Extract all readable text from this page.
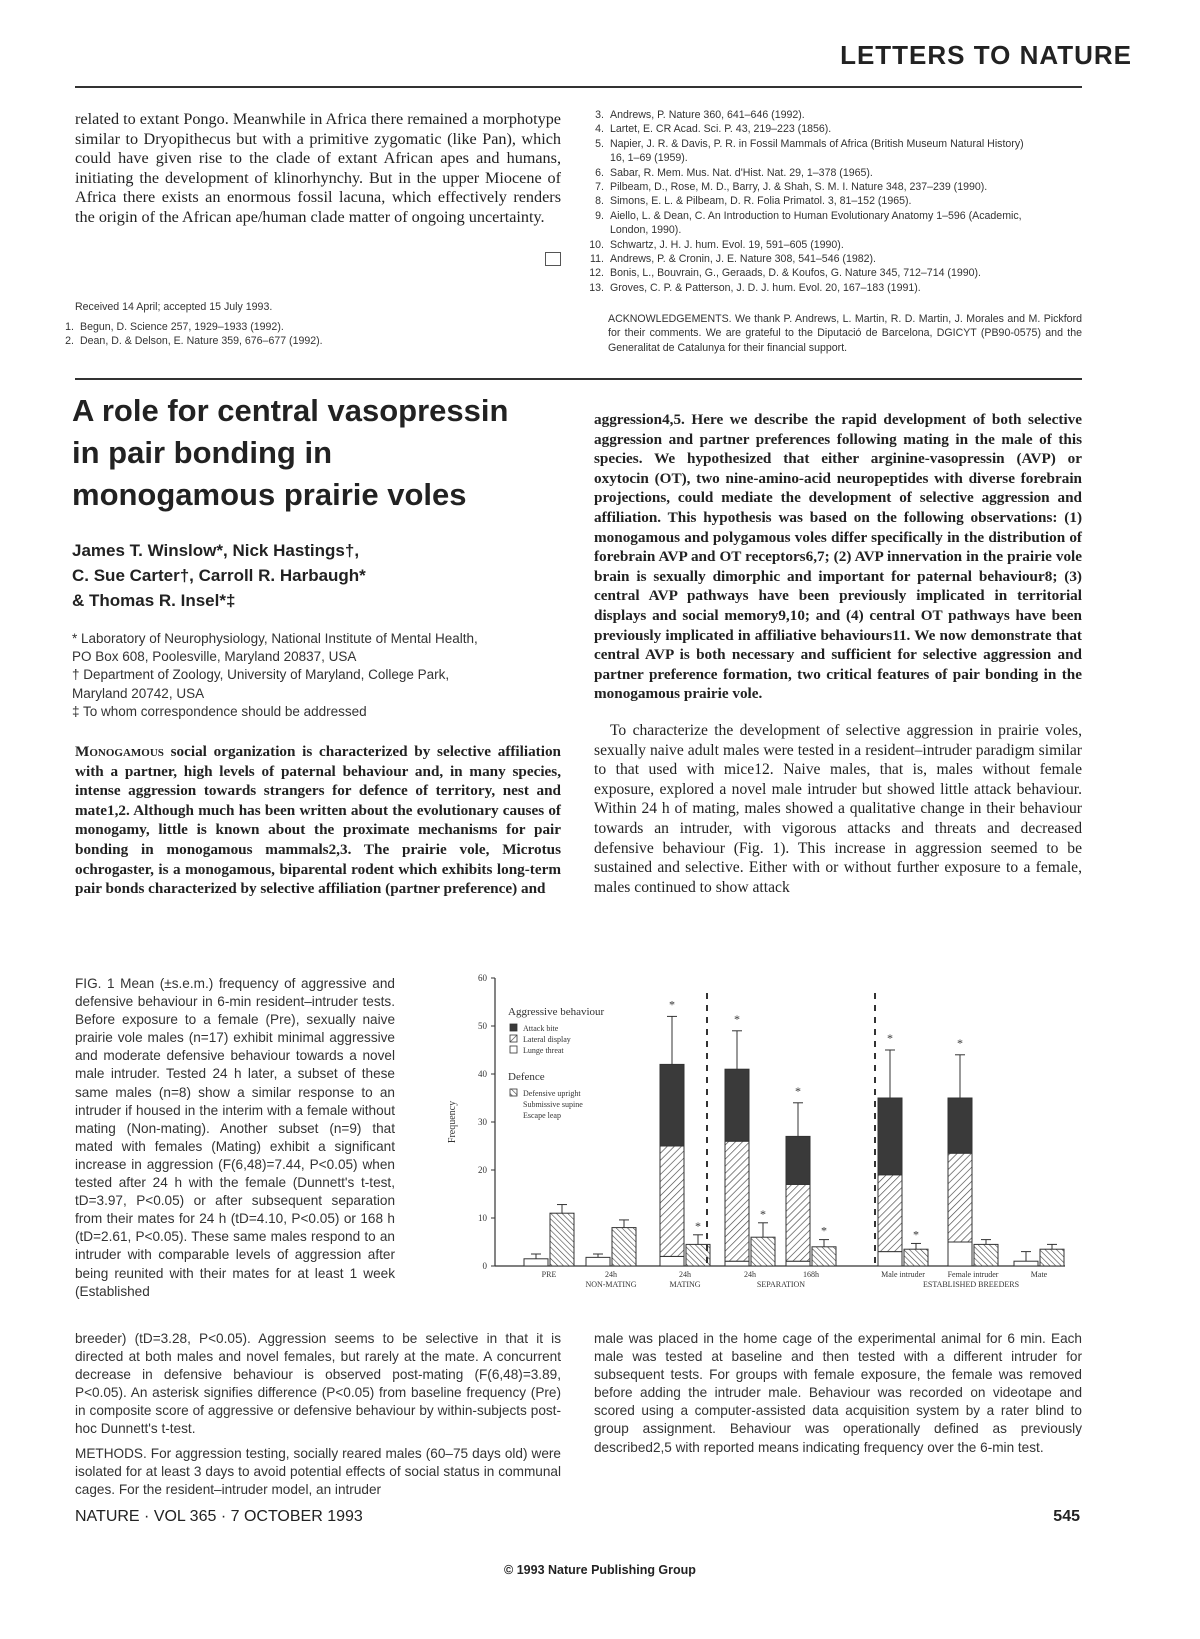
LETTERS TO NATURE
related to extant Pongo. Meanwhile in Africa there remained a morphotype similar to Dryopithecus but with a primitive zygomatic (like Pan), which could have given rise to the clade of extant African apes and humans, initiating the development of klinorhynchy. But in the upper Miocene of Africa there exists an enormous fossil lacuna, which effectively renders the origin of the African ape/human clade matter of ongoing uncertainty.
Received 14 April; accepted 15 July 1993.
1. Begun, D. Science 257, 1929–1933 (1992).
2. Dean, D. & Delson, E. Nature 359, 676–677 (1992).
3. Andrews, P. Nature 360, 641–646 (1992).
4. Lartet, E. CR Acad. Sci. P. 43, 219–223 (1856).
5. Napier, J. R. & Davis, P. R. in Fossil Mammals of Africa (British Museum Natural History)
16, 1–69 (1959).
6. Sabar, R. Mem. Mus. Nat. d'Hist. Nat. 29, 1–378 (1965).
7. Pilbeam, D., Rose, M. D., Barry, J. & Shah, S. M. I. Nature 348, 237–239 (1990).
8. Simons, E. L. & Pilbeam, D. R. Folia Primatol. 3, 81–152 (1965).
9. Aiello, L. & Dean, C. An Introduction to Human Evolutionary Anatomy 1–596 (Academic,
London, 1990).
10. Schwartz, J. H. J. hum. Evol. 19, 591–605 (1990).
11. Andrews, P. & Cronin, J. E. Nature 308, 541–546 (1982).
12. Bonis, L., Bouvrain, G., Geraads, D. & Koufos, G. Nature 345, 712–714 (1990).
13. Groves, C. P. & Patterson, J. D. J. hum. Evol. 20, 167–183 (1991).
ACKNOWLEDGEMENTS. We thank P. Andrews, L. Martin, R. D. Martin, J. Morales and M. Pickford for their comments. We are grateful to the Diputació de Barcelona, DGICYT (PB90-0575) and the Generalitat de Catalunya for their financial support.
A role for central vasopressin
in pair bonding in
monogamous prairie voles
James T. Winslow*, Nick Hastings†,
C. Sue Carter†, Carroll R. Harbaugh*
& Thomas R. Insel*‡
* Laboratory of Neurophysiology, National Institute of Mental Health,
PO Box 608, Poolesville, Maryland 20837, USA
† Department of Zoology, University of Maryland, College Park,
Maryland 20742, USA
‡ To whom correspondence should be addressed
Monogamous social organization is characterized by selective affiliation with a partner, high levels of paternal behaviour and, in many species, intense aggression towards strangers for defence of territory, nest and mate1,2. Although much has been written about the evolutionary causes of monogamy, little is known about the proximate mechanisms for pair bonding in monogamous mammals2,3. The prairie vole, Microtus ochrogaster, is a monogamous, biparental rodent which exhibits long-term pair bonds characterized by selective affiliation (partner preference) and
aggression4,5. Here we describe the rapid development of both selective aggression and partner preferences following mating in the male of this species. We hypothesized that either arginine-vasopressin (AVP) or oxytocin (OT), two nine-amino-acid neuropeptides with diverse forebrain projections, could mediate the development of selective aggression and affiliation. This hypothesis was based on the following observations: (1) monogamous and polygamous voles differ specifically in the distribution of forebrain AVP and OT receptors6,7; (2) AVP innervation in the prairie vole brain is sexually dimorphic and important for paternal behaviour8; (3) central AVP pathways have been previously implicated in territorial displays and social memory9,10; and (4) central OT pathways have been previously implicated in affiliative behaviours11. We now demonstrate that central AVP is both necessary and sufficient for selective aggression and partner preference formation, two critical features of pair bonding in the monogamous prairie vole.
To characterize the development of selective aggression in prairie voles, sexually naive adult males were tested in a resident–intruder paradigm similar to that used with mice12. Naive males, that is, males without female exposure, explored a novel male intruder but showed little attack behaviour. Within 24 h of mating, males showed a qualitative change in their behaviour towards an intruder, with vigorous attacks and threats and decreased defensive behaviour (Fig. 1). This increase in aggression seemed to be sustained and selective. Either with or without further exposure to a female, males continued to show attack
FIG. 1 Mean (±s.e.m.) frequency of aggressive and defensive behaviour in 6-min resident–intruder tests. Before exposure to a female (Pre), sexually naive prairie vole males (n=17) exhibit minimal aggressive and moderate defensive behaviour towards a novel male intruder. Tested 24 h later, a subset of these same males (n=8) show a similar response to an intruder if housed in the interim with a female without mating (Non-mating). Another subset (n=9) that mated with females (Mating) exhibit a significant increase in aggression (F(6,48)=7.44, P<0.05) when tested after 24 h with the female (Dunnett's t-test, tD=3.97, P<0.05) or after subsequent separation from their mates for 24 h (tD=4.10, P<0.05) or 168 h (tD=2.61, P<0.05). These same males respond to an intruder with comparable levels of aggression after being reunited with their mates for at least 1 week (Established
breeder) (tD=3.28, P<0.05). Aggression seems to be selective in that it is directed at both males and novel females, but rarely at the mate. A concurrent decrease in defensive behaviour is observed post-mating (F(6,48)=3.89, P<0.05). An asterisk signifies difference (P<0.05) from baseline frequency (Pre) in composite score of aggressive or defensive behaviour by within-subjects post-hoc Dunnett's t-test.
METHODS. For aggression testing, socially reared males (60–75 days old) were isolated for at least 3 days to avoid potential effects of social status in communal cages. For the resident–intruder model, an intruder
male was placed in the home cage of the experimental animal for 6 min. Each male was tested at baseline and then tested with a different intruder for subsequent tests. For groups with female exposure, the female was removed before adding the intruder male. Behaviour was recorded on videotape and scored using a computer-assisted data acquisition system by a rater blind to group assignment. Behaviour was operationally defined as previously described2,5 with reported means indicating frequency over the 6-min test.
0
10
20
30
40
50
60
Frequency
PRE	24h
*
*
24h
*
*
24h
*
*
168h
*
*
Male intruder
*
Female intruder	Mate
NON-MATING	MATING	SEPARATION	ESTABLISHED BREEDERS
Aggressive behaviour
Attack bite
Lateral display
Lunge threat
Defence
Defensive upright
Submissive supine
Escape leap
NATURE · VOL 365 · 7 OCTOBER 1993	545
© 1993 Nature Publishing Group
